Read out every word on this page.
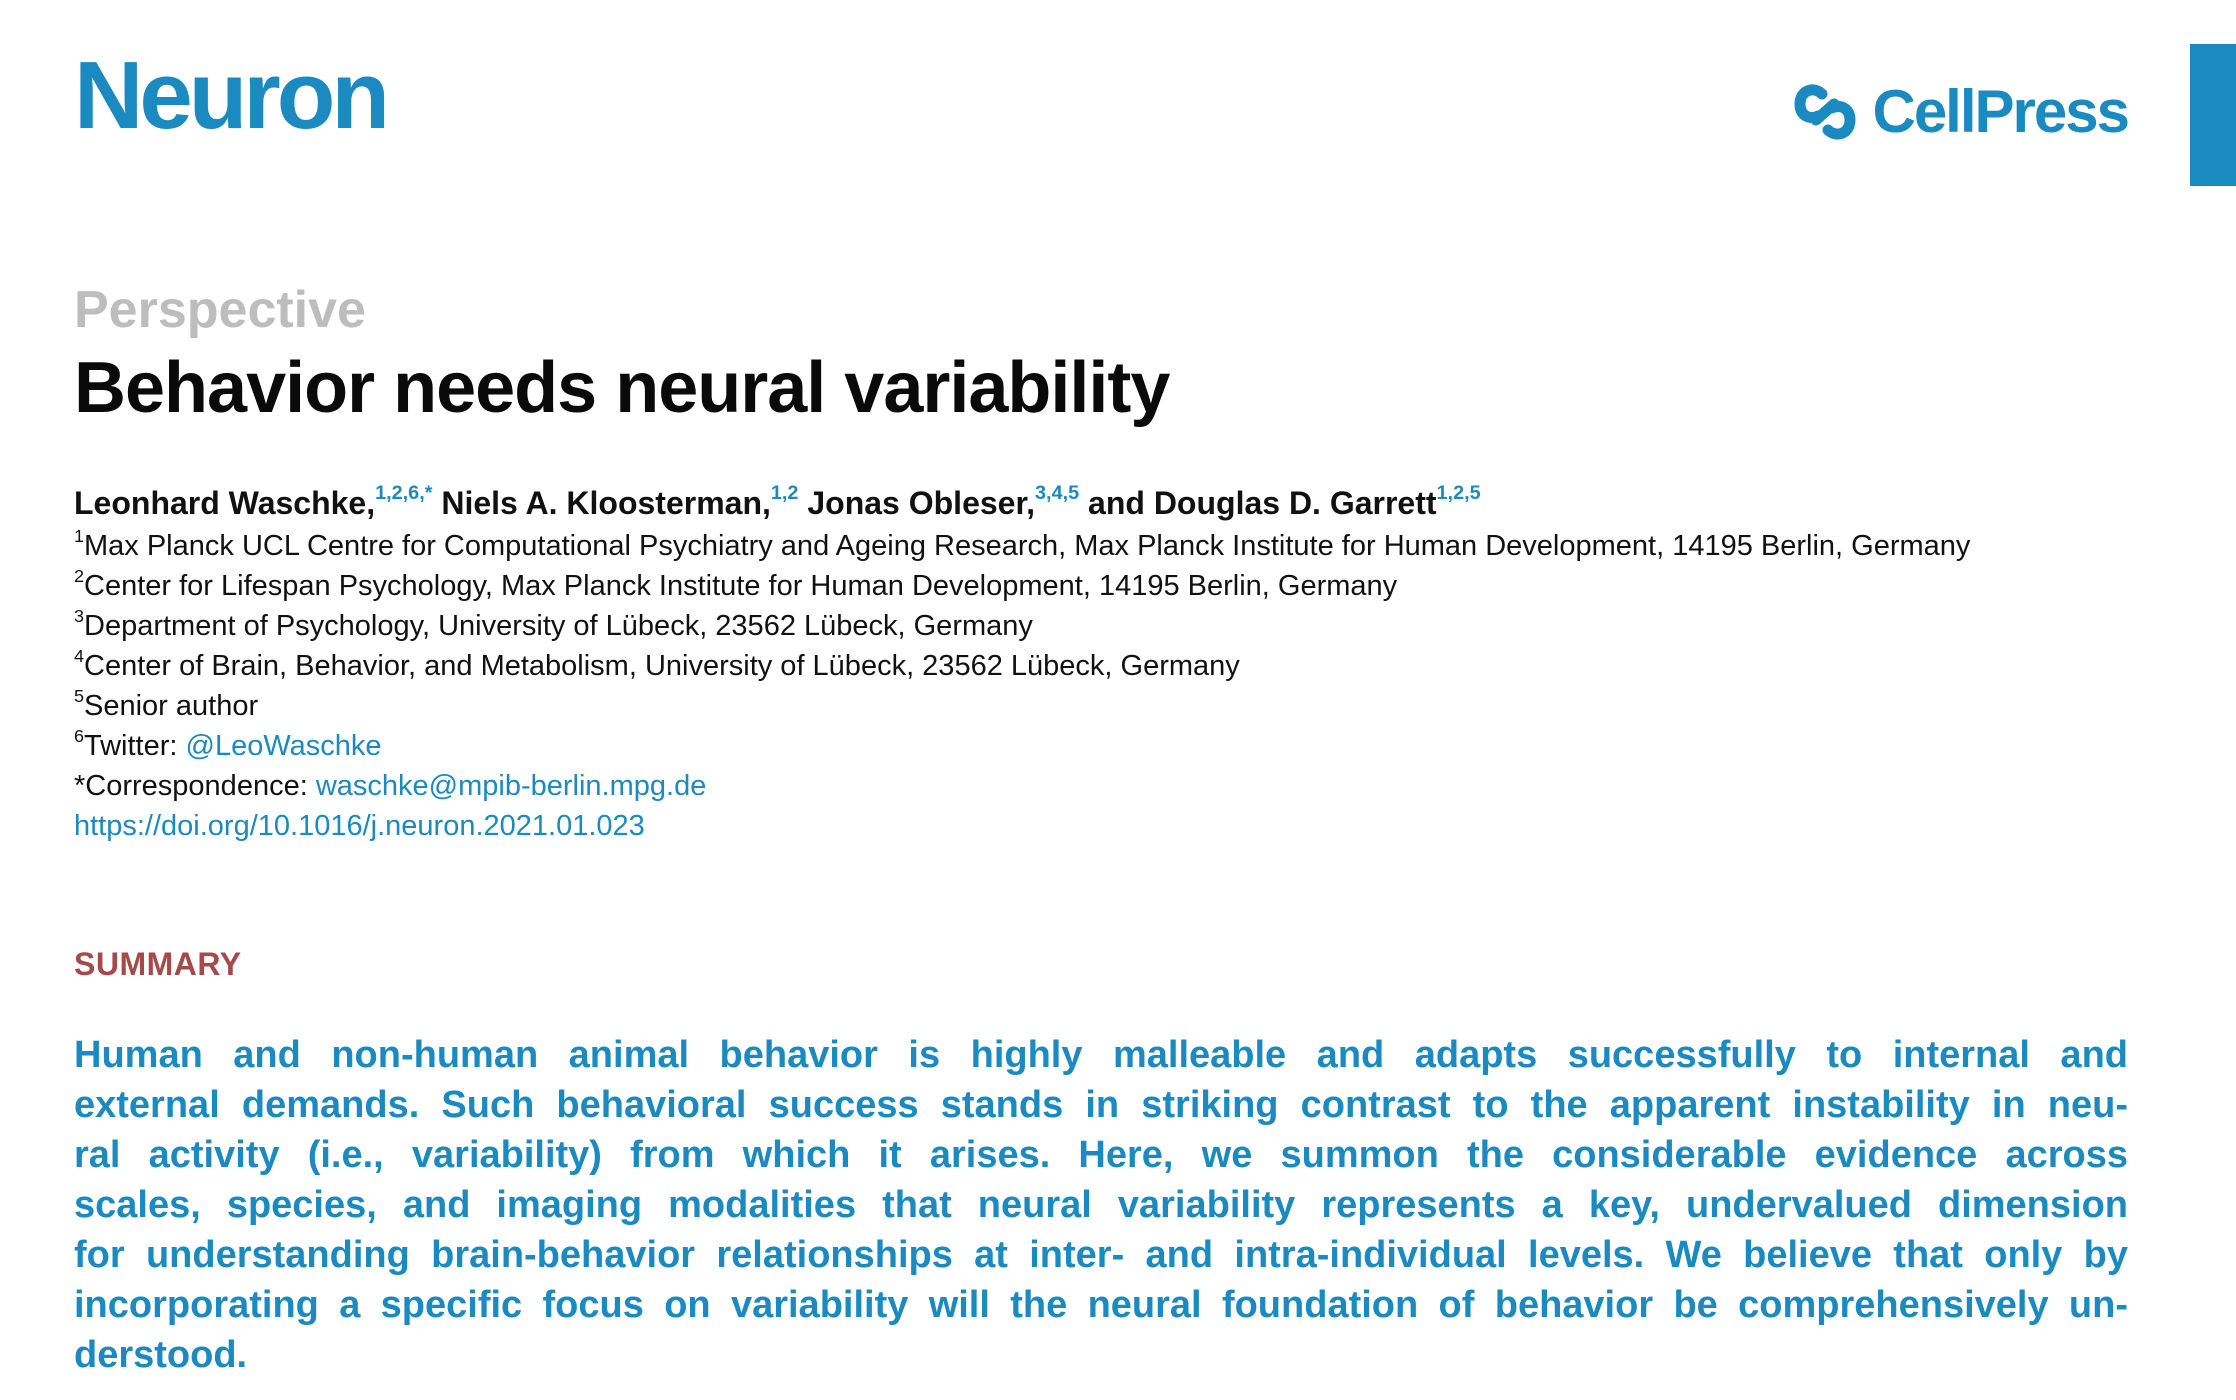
Neuron	CellPress
Perspective
Behavior needs neural variability
Leonhard Waschke,$^{1,2,6,*}$ Niels A. Kloosterman,$^{1,2}$ Jonas Obleser,$^{3,4,5}$ and Douglas D. Garrett$^{1,2,5}$

$^1$Max Planck UCL Centre for Computational Psychiatry and Ageing Research, Max Planck Institute for Human Development, 14195 Berlin, Germany

$^2$Center for Lifespan Psychology, Max Planck Institute for Human Development, 14195 Berlin, Germany

$^3$Department of Psychology, University of Lübeck, 23562 Lübeck, Germany

$^4$Center of Brain, Behavior, and Metabolism, University of Lübeck, 23562 Lübeck, Germany

$^5$Senior author

$^6$Twitter: @LeoWaschke

*Correspondence: waschke@mpib-berlin.mpg.de

https://doi.org/10.1016/j.neuron.2021.01.023

SUMMARY
Human and non-human animal behavior is highly malleable and adapts successfully to internal and
external demands. Such behavioral success stands in striking contrast to the apparent instability in neu-
ral activity (i.e., variability) from which it arises. Here, we summon the considerable evidence across
scales, species, and imaging modalities that neural variability represents a key, undervalued dimension
for understanding brain-behavior relationships at inter- and intra-individual levels. We believe that only by
incorporating a specific focus on variability will the neural foundation of behavior be comprehensively un-
derstood.
